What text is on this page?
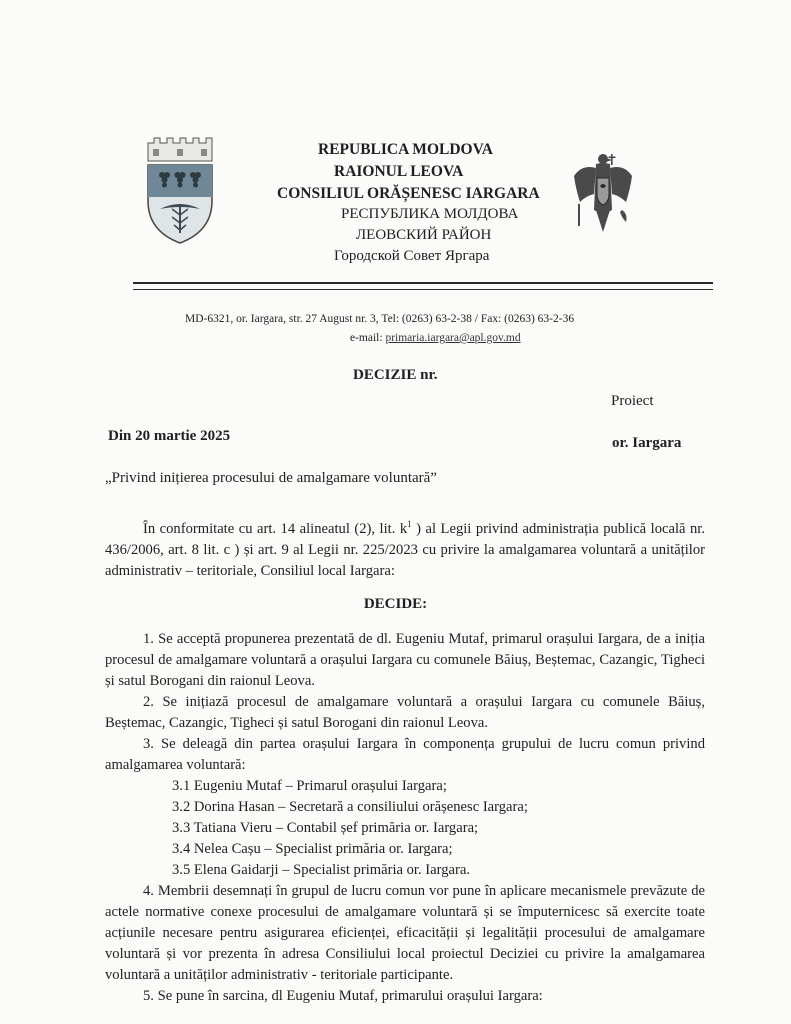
REPUBLICA MOLDOVA
RAIONUL LEOVA
CONSILIUL ORĂȘENESC IARGARA
РЕСПУБЛИКА МОЛДОВА
ЛЕОВСКИЙ РАЙОН
Городской Совет Яргара
MD-6321, or. Iargara, str. 27 August nr. 3, Tel: (0263) 63-2-38 / Fax: (0263) 63-2-36
e-mail: primaria.iargara@apl.gov.md
DECIZIE nr.
Proiect
Din 20 martie 2025	or. Iargara
„Privind inițierea procesului de amalgamare voluntară”

În conformitate cu art. 14 alineatul (2), lit. $k^1$ ) al Legii privind administrația publică locală nr. 436/2006, art. 8 lit. c ) și art. 9 al Legii nr. 225/2023 cu privire la amalgamarea voluntară a unităților administrativ – teritoriale, Consiliul local Iargara:

DECIDE:

1. Se acceptă propunerea prezentată de dl. Eugeniu Mutaf, primarul orașului Iargara, de a iniția procesul de amalgamare voluntară a orașului Iargara cu comunele Băiuș, Beștemac, Cazangic, Tigheci și satul Borogani din raionul Leova.

2. Se inițiază procesul de amalgamare voluntară a orașului Iargara cu comunele Băiuș, Beștemac, Cazangic, Tigheci și satul Borogani din raionul Leova.

3. Se deleagă din partea orașului Iargara în componența grupului de lucru comun privind amalgamarea voluntară:

3.1 Eugeniu Mutaf – Primarul orașului Iargara;

3.2 Dorina Hasan – Secretară a consiliului orășenesc Iargara;

3.3 Tatiana Vieru – Contabil șef primăria or. Iargara;

3.4 Nelea Cașu – Specialist primăria or. Iargara;

3.5 Elena Gaidarji – Specialist primăria or. Iargara.

4. Membrii desemnați în grupul de lucru comun vor pune în aplicare mecanismele prevăzute de actele normative conexe procesului de amalgamare voluntară și se împuternicesc să exercite toate acțiunile necesare pentru asigurarea eficienței, eficacității și legalității procesului de amalgamare voluntară și vor prezenta în adresa Consiliului local proiectul Deciziei cu privire la amalgamarea voluntară a unităților administrativ - teritoriale participante.

5. Se pune în sarcina, dl Eugeniu Mutaf, primarului orașului Iargara:
